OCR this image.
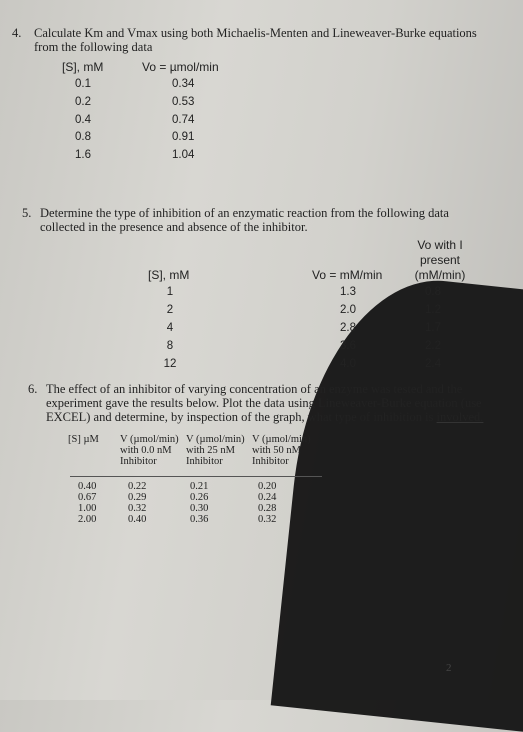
4. Calculate Km and Vmax using both Michaelis-Menten and Lineweaver-Burke equations
from the following data
[S], mM	Vo = µmol/min
0.1	0.34
0.2	0.53
0.4	0.74
0.8	0.91
1.6	1.04
5. Determine the type of inhibition of an enzymatic reaction from the following data
collected in the presence and absence of the inhibitor.
Vo with I
present
(mM/min)
[S], mM	Vo = mM/min
1	1.3	0.8
2	2.0	1.2
4	2.8	1.7
8	3.6	2.2
12	4.0	2.4
6. The effect of an inhibitor of varying concentration of an enzyme was tested and the
experiment gave the results below. Plot the data using Lineweaver-Burke equation (use
EXCEL) and determine, by inspection of the graph, what type of inhibition is involved.
[S] µM V (µmol/min)
with 0.0 nM
Inhibitor
V (µmol/min)
with 25 nM
Inhibitor
V (µmol/min)
with 50 nM
Inhibitor
0.40	0.22	0.21	0.20
0.67	0.29	0.26	0.24
1.00	0.32	0.30	0.28
2.00	0.40	0.36	0.32
2
